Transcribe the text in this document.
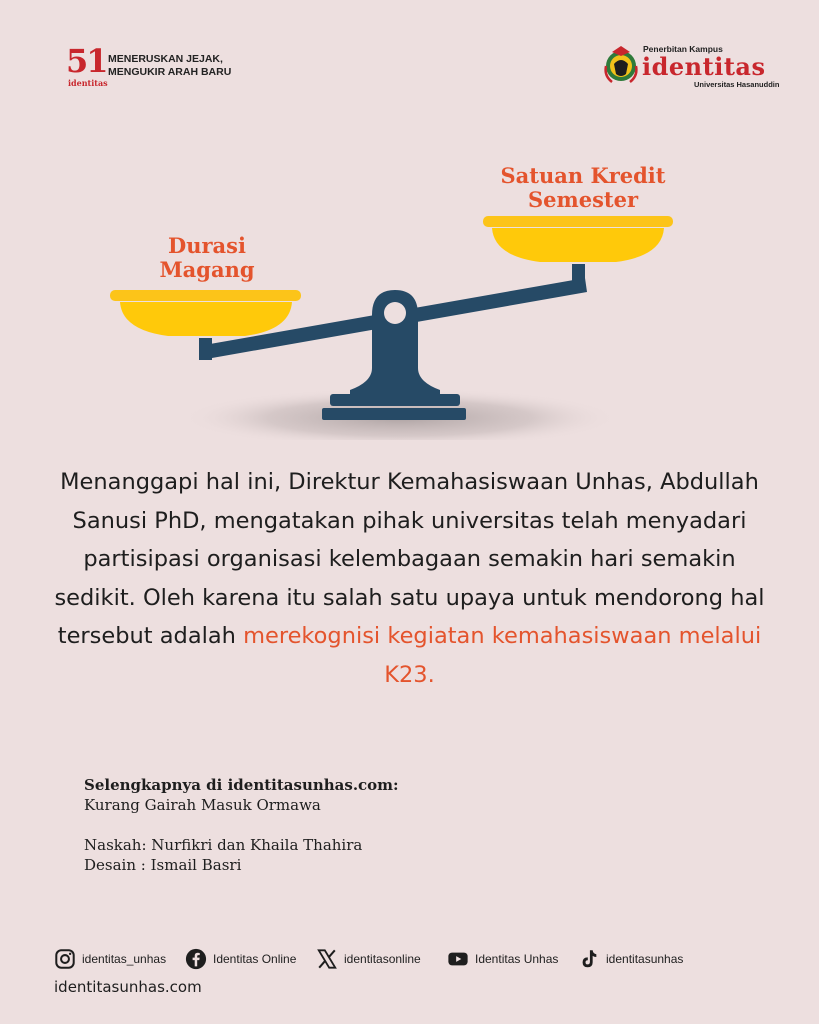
51
identitas
MENERUSKAN JEJAK,
MENGUKIR ARAH BARU
Penerbitan Kampus
identitas
Universitas Hasanuddin
Durasi
Magang
Satuan Kredit
Semester

Menanggapi hal ini, Direktur Kemahasiswaan Unhas, Abdullah Sanusi PhD, mengatakan pihak universitas telah menyadari partisipasi organisasi kelembagaan semakin hari semakin sedikit. Oleh karena itu salah satu upaya untuk mendorong hal tersebut adalah merekognisi kegiatan kemahasiswaan melalui K23.

Selengkapnya di identitasunhas.com:
Kurang Gairah Masuk Ormawa
Naskah: Nurfikri dan Khaila Thahira
Desain : Ismail Basri
identitas_unhas	Identitas Online	identitasonline	Identitas Unhas	identitasunhas
identitasunhas.com
